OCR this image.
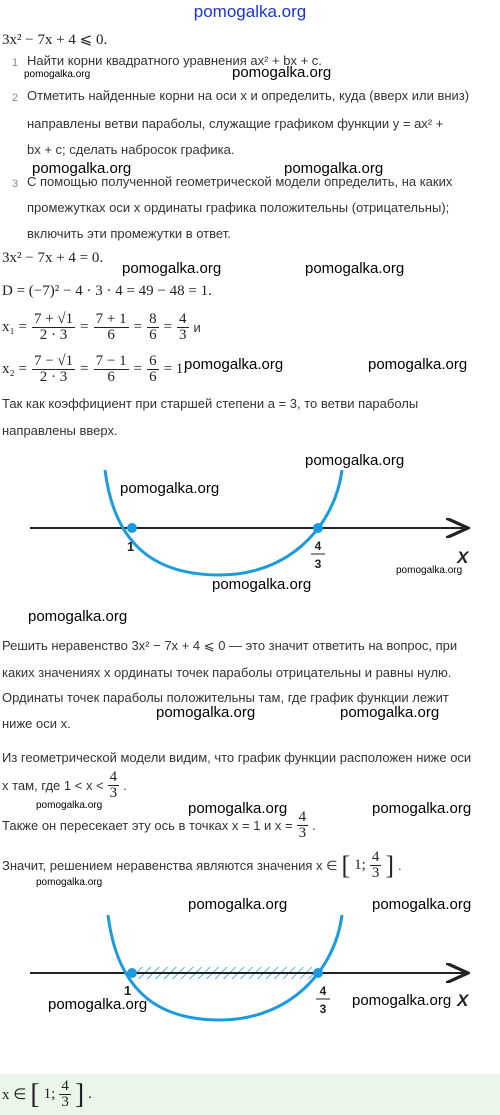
pomogalka.org
3x² − 7x + 4 ⩽ 0.
1 Найти корни квадратного уравнения ax² + bx + c.
pomogalka.org	pomogalka.org
2 Отметить найденные корни на оси x и определить, куда (вверх или вниз)
направлены ветви параболы, служащие графиком функции y = ax² +
bx + c; сделать набросок графика.
pomogalka.org	pomogalka.org
3 С помощью полученной геометрической модели определить, на каких
промежутках оси x ординаты графика положительны (отрицательны);
включить эти промежутки в ответ.
3x² − 7x + 4 = 0.
pomogalka.org	pomogalka.org
D = (−7)² − 4 · 3 · 4 = 49 − 48 = 1.
$x_1 = \frac{7 + √1}{2 \cdot 3} = \frac{7 + 1}{6} = \frac{8}{6} = \frac{4}{3}$ и
$x_2 = \frac{7 - √1}{2 \cdot 3} = \frac{7 - 1}{6} = \frac{6}{6} = 1$.
pomogalka.org	pomogalka.org
Так как коэффициент при старшей степени a = 3, то ветви параболы
направлены вверх.
1	4
3	X
pomogalka.org
pomogalka.org
pomogalka.org
pomogalka.org
pomogalka.org
Решить неравенство 3x² − 7x + 4 ⩽ 0 — это значит ответить на вопрос, при
каких значениях x ординаты точек параболы отрицательны и равны нулю.
Ординаты точек параболы положительны там, где график функции лежит
ниже оси x.
pomogalka.org	pomogalka.org
Из геометрической модели видим, что график функции расположен ниже оси
x там, где $1 < x < \frac{4}{3}$ .
pomogalka.org	pomogalka.org	pomogalka.org
Также он пересекает эту ось в точках x = 1 и $x = \frac{4}{3}$ .
Значит, решением неравенства являются значения x ∈ [ 1; $\frac{4}{3}$ ] .
pomogalka.org
pomogalka.org	pomogalka.org
1	4
3	X
pomogalka.org	pomogalka.org
x ∈ [ 1; $\frac{4}{3}$ ] .
